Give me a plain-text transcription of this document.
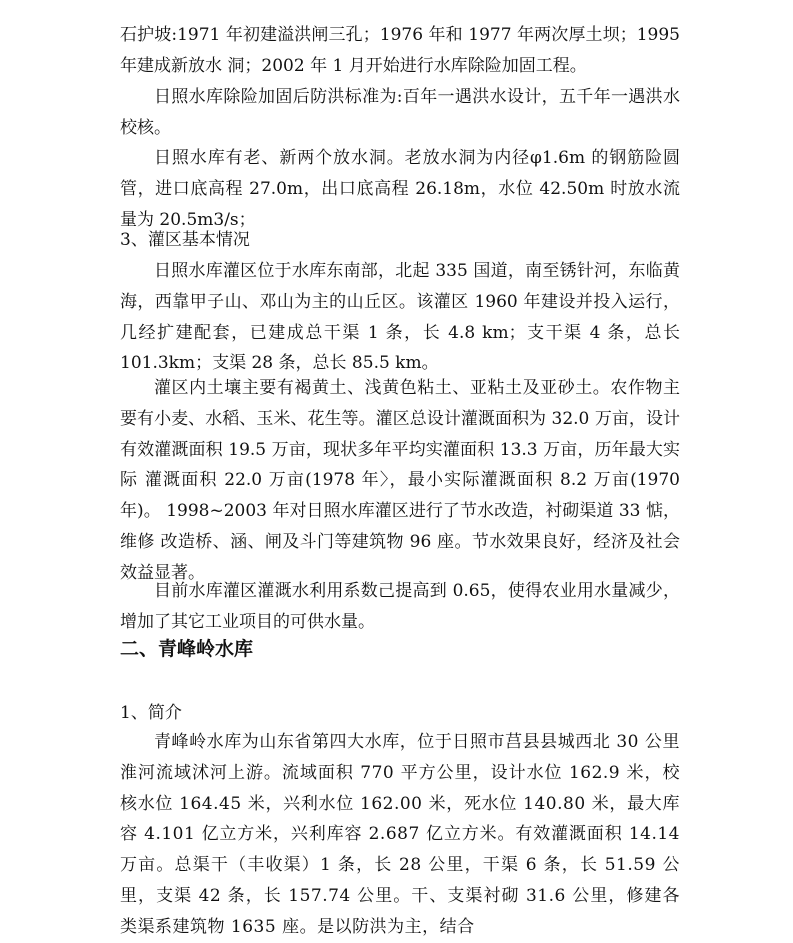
石护坡:1971 年初建溢洪闸三孔；1976 年和 1977 年两次厚土坝；1995 年建成新放水 洞；2002 年 1 月开始进行水库除险加固工程。

日照水库除险加固后防洪标准为:百年一遇洪水设计，五千年一遇洪水校核。

日照水库有老、新两个放水洞。老放水洞为内径φ1.6m 的钢筋险圆管，进口底高程 27.0m，出口底高程 26.18m，水位 42.50m 时放水流量为 20.5m3/s；

3、灌区基本情况

日照水库灌区位于水库东南部，北起 335 国道，南至锈针河，东临黄海，西靠甲子山、邓山为主的山丘区。该灌区 1960 年建设并投入运行，几经扩建配套，已建成总干渠 1 条，长 4.8 km；支干渠 4 条，总长 101.3km；支渠 28 条，总长 85.5 km。

灌区内土壤主要有褐黄土、浅黄色粘土、亚粘土及亚砂土。农作物主要有小麦、水稻、玉米、花生等。灌区总设计灌溉面积为 32.0 万亩，设计有效灌溉面积 19.5 万亩，现状多年平均实灌面积 13.3 万亩，历年最大实际 灌溉面积 22.0 万亩(1978 年〉，最小实际灌溉面积 8.2 万亩(1970 年)。 1998~2003 年对日照水库灌区进行了节水改造，衬砌渠道 33 惦，维修 改造桥、涵、闸及斗门等建筑物 96 座。节水效果良好，经济及社会效益显著。

目前水库灌区灌溉水利用系数己提高到 0.65，使得农业用水量减少， 增加了其它工业项目的可供水量。

二、青峰岭水库

1、简介

青峰岭水库为山东省第四大水库，位于日照市莒县县城西北 30 公里淮河流域沭河上游。流域面积 770 平方公里，设计水位 162.9 米，校核水位 164.45 米，兴利水位 162.00 米，死水位 140.80 米，最大库容 4.101 亿立方米，兴利库容 2.687 亿立方米。有效灌溉面积 14.14 万亩。总渠干（丰收渠）1 条，长 28 公里，干渠 6 条，长 51.59 公里，支渠 42 条，长 157.74 公里。干、支渠衬砌 31.6 公里，修建各类渠系建筑物 1635 座。是以防洪为主，结合
